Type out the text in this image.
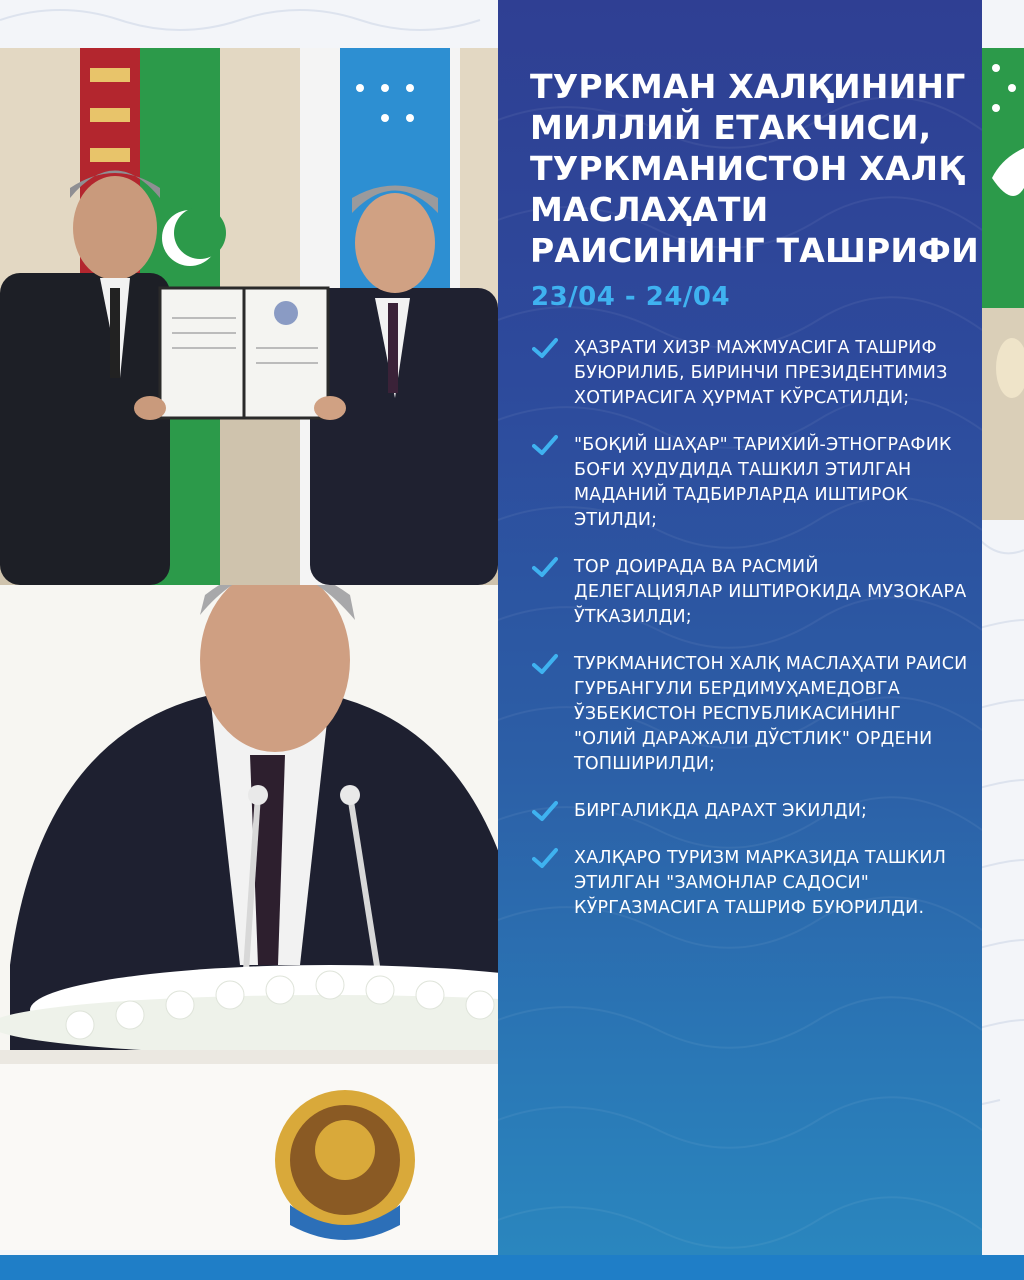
ТУРКМАН ХАЛҚИНИНГ
МИЛЛИЙ ЕТАКЧИСИ,
ТУРКМАНИСТОН ХАЛҚ
МАСЛАҲАТИ
РАИСИНИНГ ТАШРИФИ
23/04 - 24/04
ҲАЗРАТИ ХИЗР МАЖМУАСИГА ТАШРИФ БУЮРИЛИБ, БИРИНЧИ ПРЕЗИДЕНТИМИЗ ХОТИРАСИГА ҲУРМАТ КЎРСАТИЛДИ;
"БОҚИЙ ШАҲАР" ТАРИХИЙ-ЭТНОГРАФИК БОҒИ ҲУДУДИДА ТАШКИЛ ЭТИЛГАН МАДАНИЙ ТАДБИРЛАРДА ИШТИРОК ЭТИЛДИ;
ТОР ДОИРАДА ВА РАСМИЙ ДЕЛЕГАЦИЯЛАР ИШТИРОКИДА МУЗОКАРА ЎТКАЗИЛДИ;
ТУРКМАНИСТОН ХАЛҚ МАСЛАҲАТИ РАИСИ ГУРБАНГУЛИ БЕРДИМУҲАМЕДОВГА ЎЗБЕКИСТОН РЕСПУБЛИКАСИНИНГ "ОЛИЙ ДАРАЖАЛИ ДЎСТЛИК" ОРДЕНИ ТОПШИРИЛДИ;
БИРГАЛИКДА ДАРАХТ ЭКИЛДИ;
ХАЛҚАРО ТУРИЗМ МАРКАЗИДА ТАШКИЛ ЭТИЛГАН "ЗАМОНЛАР САДОСИ" КЎРГАЗМАСИГА ТАШРИФ БУЮРИЛДИ.
